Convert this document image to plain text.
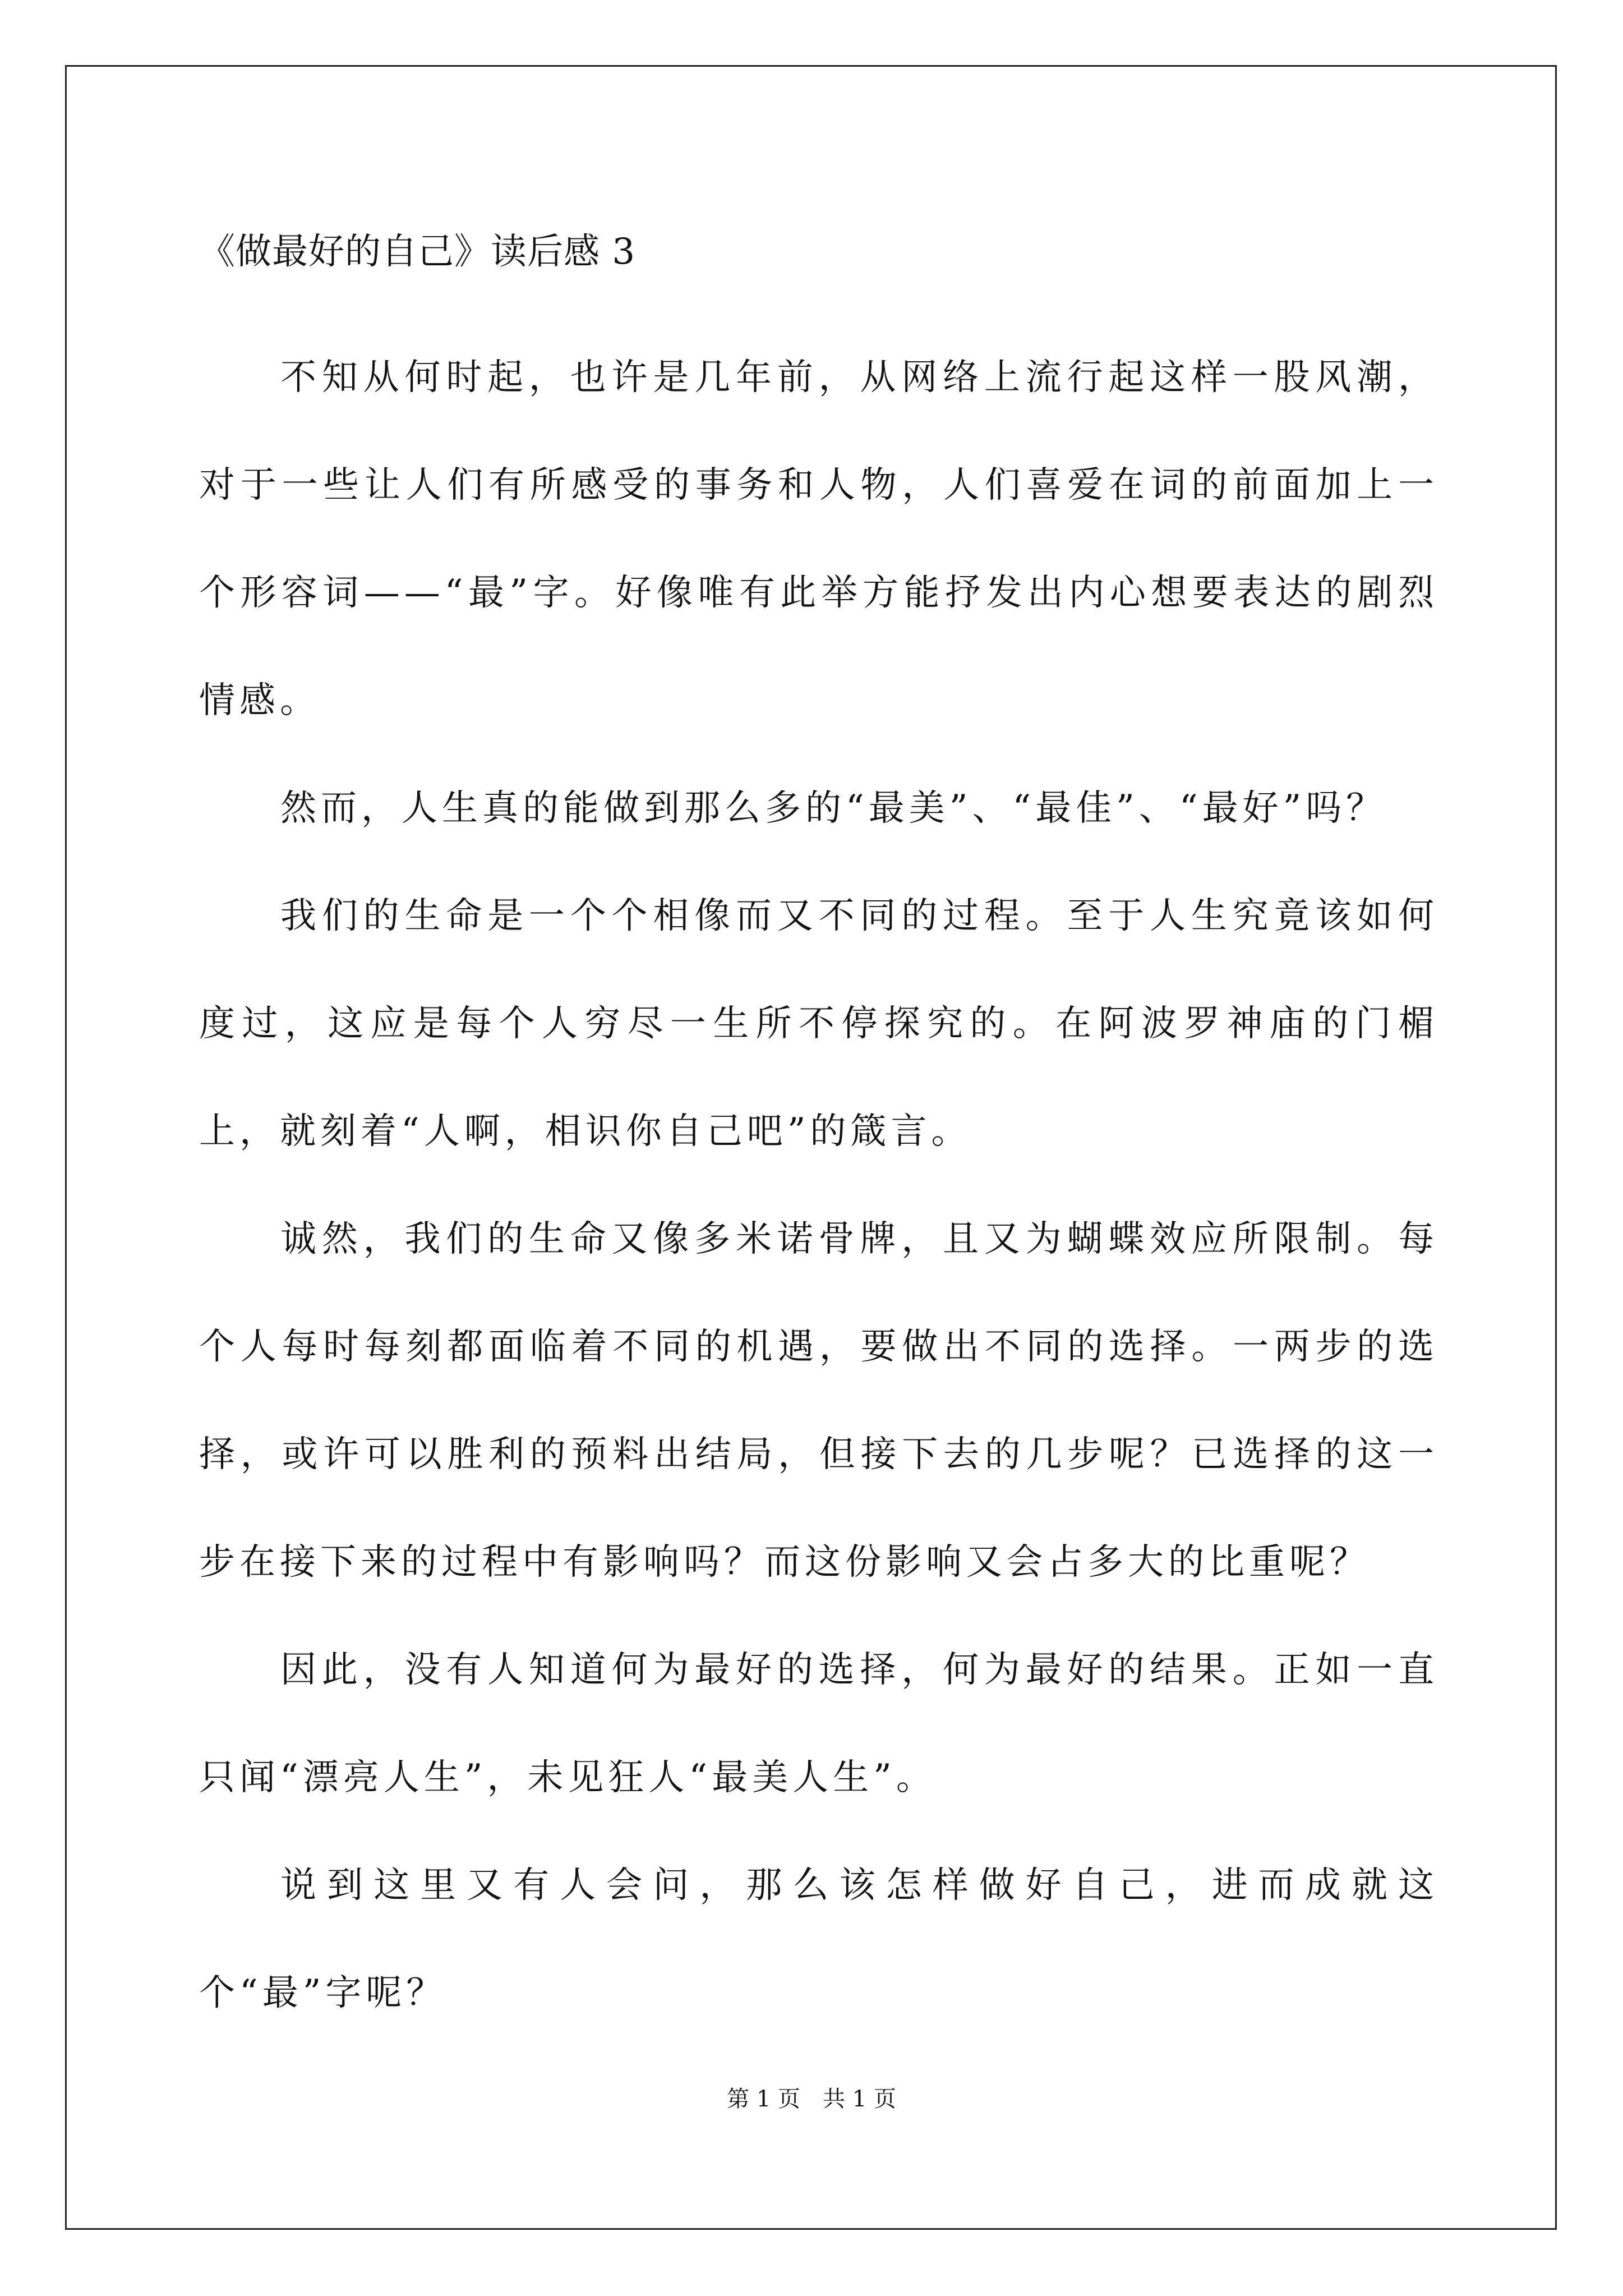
《做最好的自己》读后感 3

不知从何时起，也许是几年前，从网络上流行起这样一股风潮，对于一些让人们有所感受的事务和人物，人们喜爱在词的前面加上一个形容词——“最”字。好像唯有此举方能抒发出内心想要表达的剧烈情感。

然而，人生真的能做到那么多的“最美”、“最佳”、“最好”吗？

我们的生命是一个个相像而又不同的过程。至于人生究竟该如何度过，这应是每个人穷尽一生所不停探究的。在阿波罗神庙的门楣上，就刻着“人啊，相识你自己吧”的箴言。

诚然，我们的生命又像多米诺骨牌，且又为蝴蝶效应所限制。每个人每时每刻都面临着不同的机遇，要做出不同的选择。一两步的选择，或许可以胜利的预料出结局，但接下去的几步呢？已选择的这一步在接下来的过程中有影响吗？而这份影响又会占多大的比重呢？

因此，没有人知道何为最好的选择，何为最好的结果。正如一直只闻“漂亮人生”，未见狂人“最美人生”。

说到这里又有人会问，那么该怎样做好自己，进而成就这个“最”字呢？

第 1 页 共 1 页
